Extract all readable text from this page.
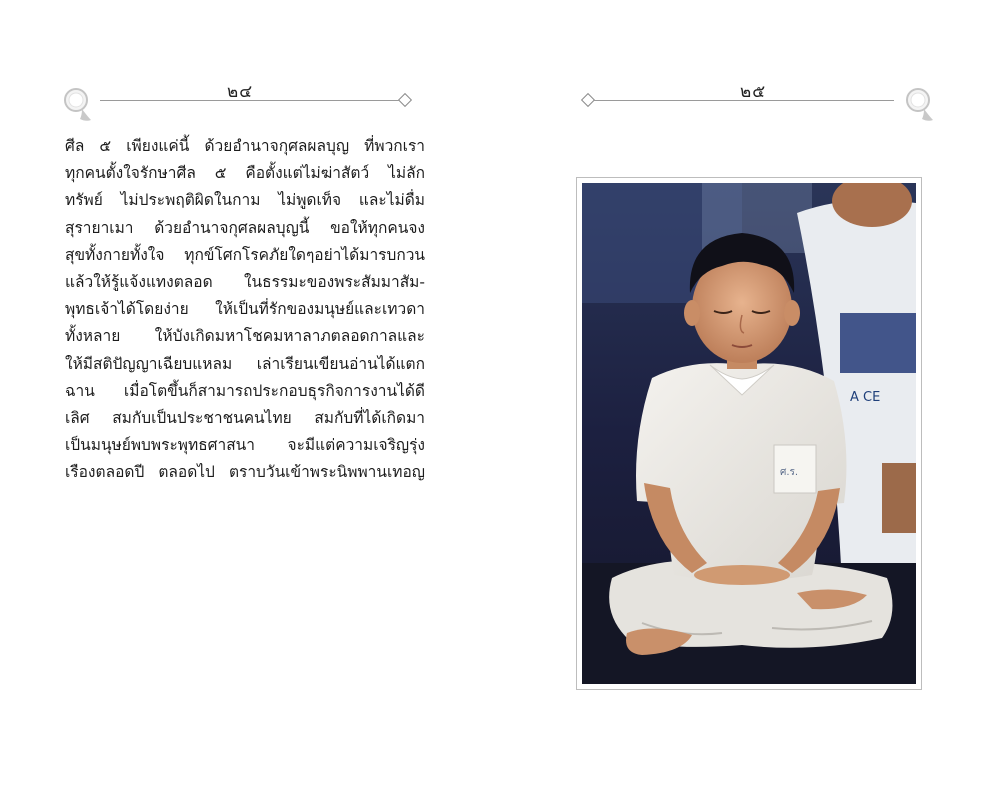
๒๔
ศีล ๕ เพียงแค่นี้ ด้วยอำนาจกุศลผลบุญ ที่พวกเรา
ทุกคนตั้งใจรักษาศีล ๕ คือตั้งแต่ไม่ฆ่าสัตว์ ไม่ลัก
ทรัพย์ ไม่ประพฤติผิดในกาม ไม่พูดเท็จ และไม่ดื่ม
สุรายาเมา ด้วยอำนาจกุศลผลบุญนี้ ขอให้ทุกคนจง
สุขทั้งกายทั้งใจ ทุกข์โศกโรคภัยใดๆอย่าได้มารบกวน
แล้วให้รู้แจ้งแทงตลอด ในธรรมะของพระสัมมาสัม-
พุทธเจ้าได้โดยง่าย ให้เป็นที่รักของมนุษย์และเทวดา
ทั้งหลาย ให้บังเกิดมหาโชคมหาลาภตลอดกาลและ
ให้มีสติปัญญาเฉียบแหลม เล่าเรียนเขียนอ่านได้แตก
ฉาน เมื่อโตขึ้นก็สามารถประกอบธุรกิจการงานได้ดี
เลิศ สมกับเป็นประชาชนคนไทย สมกับที่ได้เกิดมา
เป็นมนุษย์พบพระพุทธศาสนา จะมีแต่ความเจริญรุ่ง
เรืองตลอดปี ตลอดไป ตราบวันเข้าพระนิพพานเทอญ
๒๕
A CE
ศ.ร.
